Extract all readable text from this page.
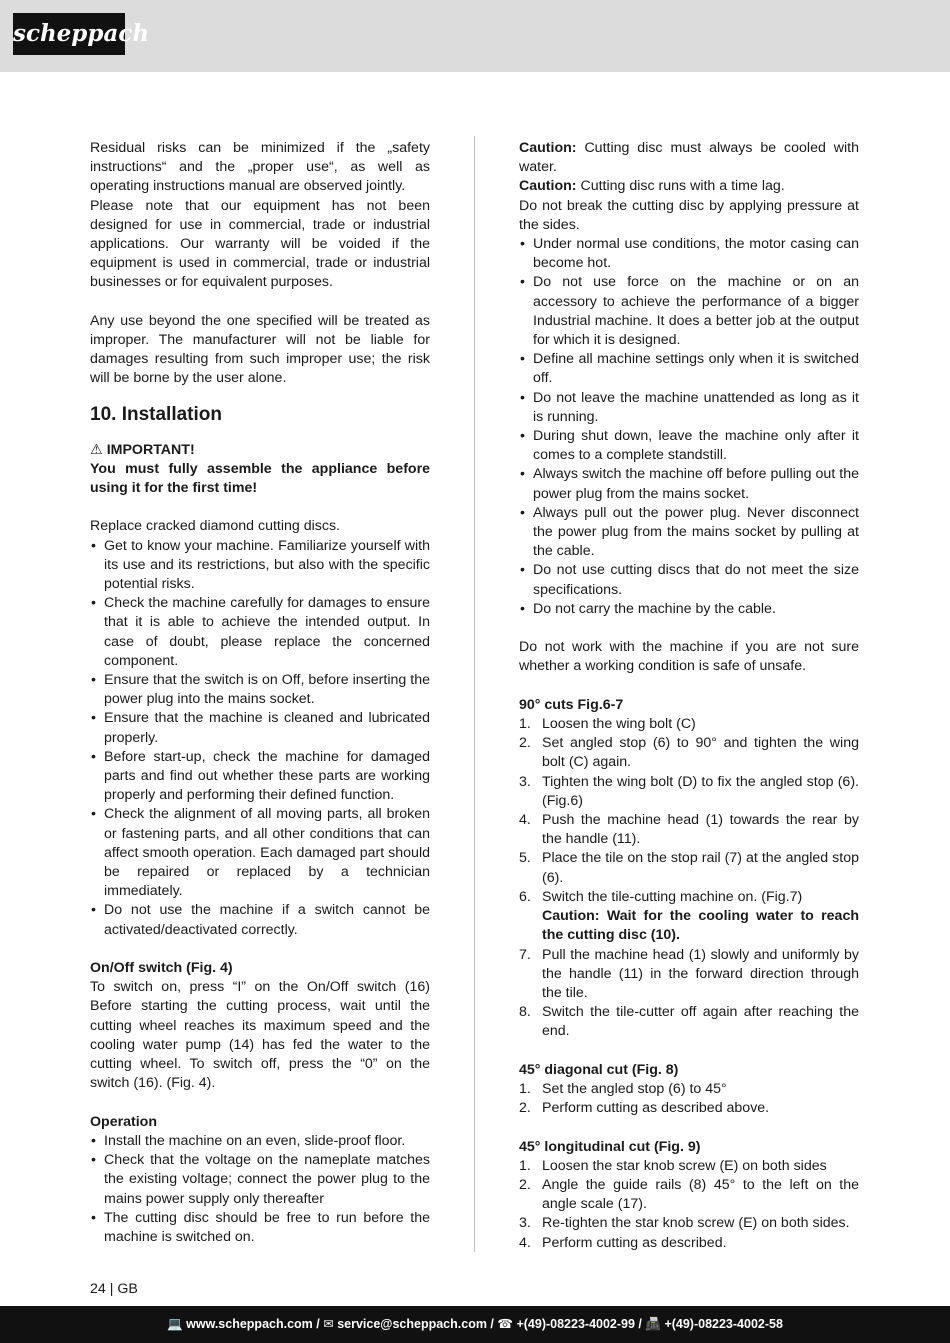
scheppach

Residual risks can be minimized if the „safety instructions“ and the „proper use“, as well as operating instructions manual are observed jointly.

Please note that our equipment has not been designed for use in commercial, trade or industrial applications. Our warranty will be voided if the equipment is used in commercial, trade or industrial businesses or for equivalent purposes.

Any use beyond the one specified will be treated as improper. The manufacturer will not be liable for damages resulting from such improper use; the risk will be borne by the user alone.

10. Installation

⚠ IMPORTANT!

You must fully assemble the appliance before using it for the first time!

Replace cracked diamond cutting discs.

• Get to know your machine. Familiarize yourself with its use and its restrictions, but also with the specific potential risks.
• Check the machine carefully for damages to ensure that it is able to achieve the intended output. In case of doubt, please replace the concerned component.
• Ensure that the switch is on Off, before inserting the power plug into the mains socket.
• Ensure that the machine is cleaned and lubricated properly.
• Before start-up, check the machine for damaged parts and find out whether these parts are working properly and performing their defined function.
• Check the alignment of all moving parts, all broken or fastening parts, and all other conditions that can affect smooth operation. Each damaged part should be repaired or replaced by a technician immediately.
• Do not use the machine if a switch cannot be activated/deactivated correctly.

On/Off switch (Fig. 4)

To switch on, press “I” on the On/Off switch (16) Before starting the cutting process, wait until the cutting wheel reaches its maximum speed and the cooling water pump (14) has fed the water to the cutting wheel. To switch off, press the “0” on the switch (16). (Fig. 4).

Operation

• Install the machine on an even, slide-proof floor.
• Check that the voltage on the nameplate matches the existing voltage; connect the power plug to the mains power supply only thereafter
• The cutting disc should be free to run before the machine is switched on.

Caution: Cutting disc must always be cooled with water.

Caution: Cutting disc runs with a time lag.

Do not break the cutting disc by applying pressure at the sides.

• Under normal use conditions, the motor casing can become hot.
• Do not use force on the machine or on an accessory to achieve the performance of a bigger Industrial machine. It does a better job at the output for which it is designed.
• Define all machine settings only when it is switched off.
• Do not leave the machine unattended as long as it is running.
• During shut down, leave the machine only after it comes to a complete standstill.
• Always switch the machine off before pulling out the power plug from the mains socket.
• Always pull out the power plug. Never disconnect the power plug from the mains socket by pulling at the cable.
• Do not use cutting discs that do not meet the size specifications.
• Do not carry the machine by the cable.

Do not work with the machine if you are not sure whether a working condition is safe of unsafe.

90° cuts Fig.6-7

1. Loosen the wing bolt (C)
2. Set angled stop (6) to 90° and tighten the wing bolt (C) again.
3. Tighten the wing bolt (D) to fix the angled stop (6). (Fig.6)
4. Push the machine head (1) towards the rear by the handle (11).
5. Place the tile on the stop rail (7) at the angled stop (6).
6. Switch the tile-cutting machine on. (Fig.7)
Caution: Wait for the cooling water to reach the cutting disc (10).
7. Pull the machine head (1) slowly and uniformly by the handle (11) in the forward direction through the tile.
8. Switch the tile-cutter off again after reaching the end.

45° diagonal cut (Fig. 8)

1. Set the angled stop (6) to 45°
2. Perform cutting as described above.

45° longitudinal cut (Fig. 9)

1. Loosen the star knob screw (E) on both sides
2. Angle the guide rails (8) 45° to the left on the angle scale (17).
3. Re-tighten the star knob screw (E) on both sides.
4. Perform cutting as described.
24 | GB
💻 www.scheppach.com / ✉ service@scheppach.com / ☎ +(49)-08223-4002-99 / 📠 +(49)-08223-4002-58
